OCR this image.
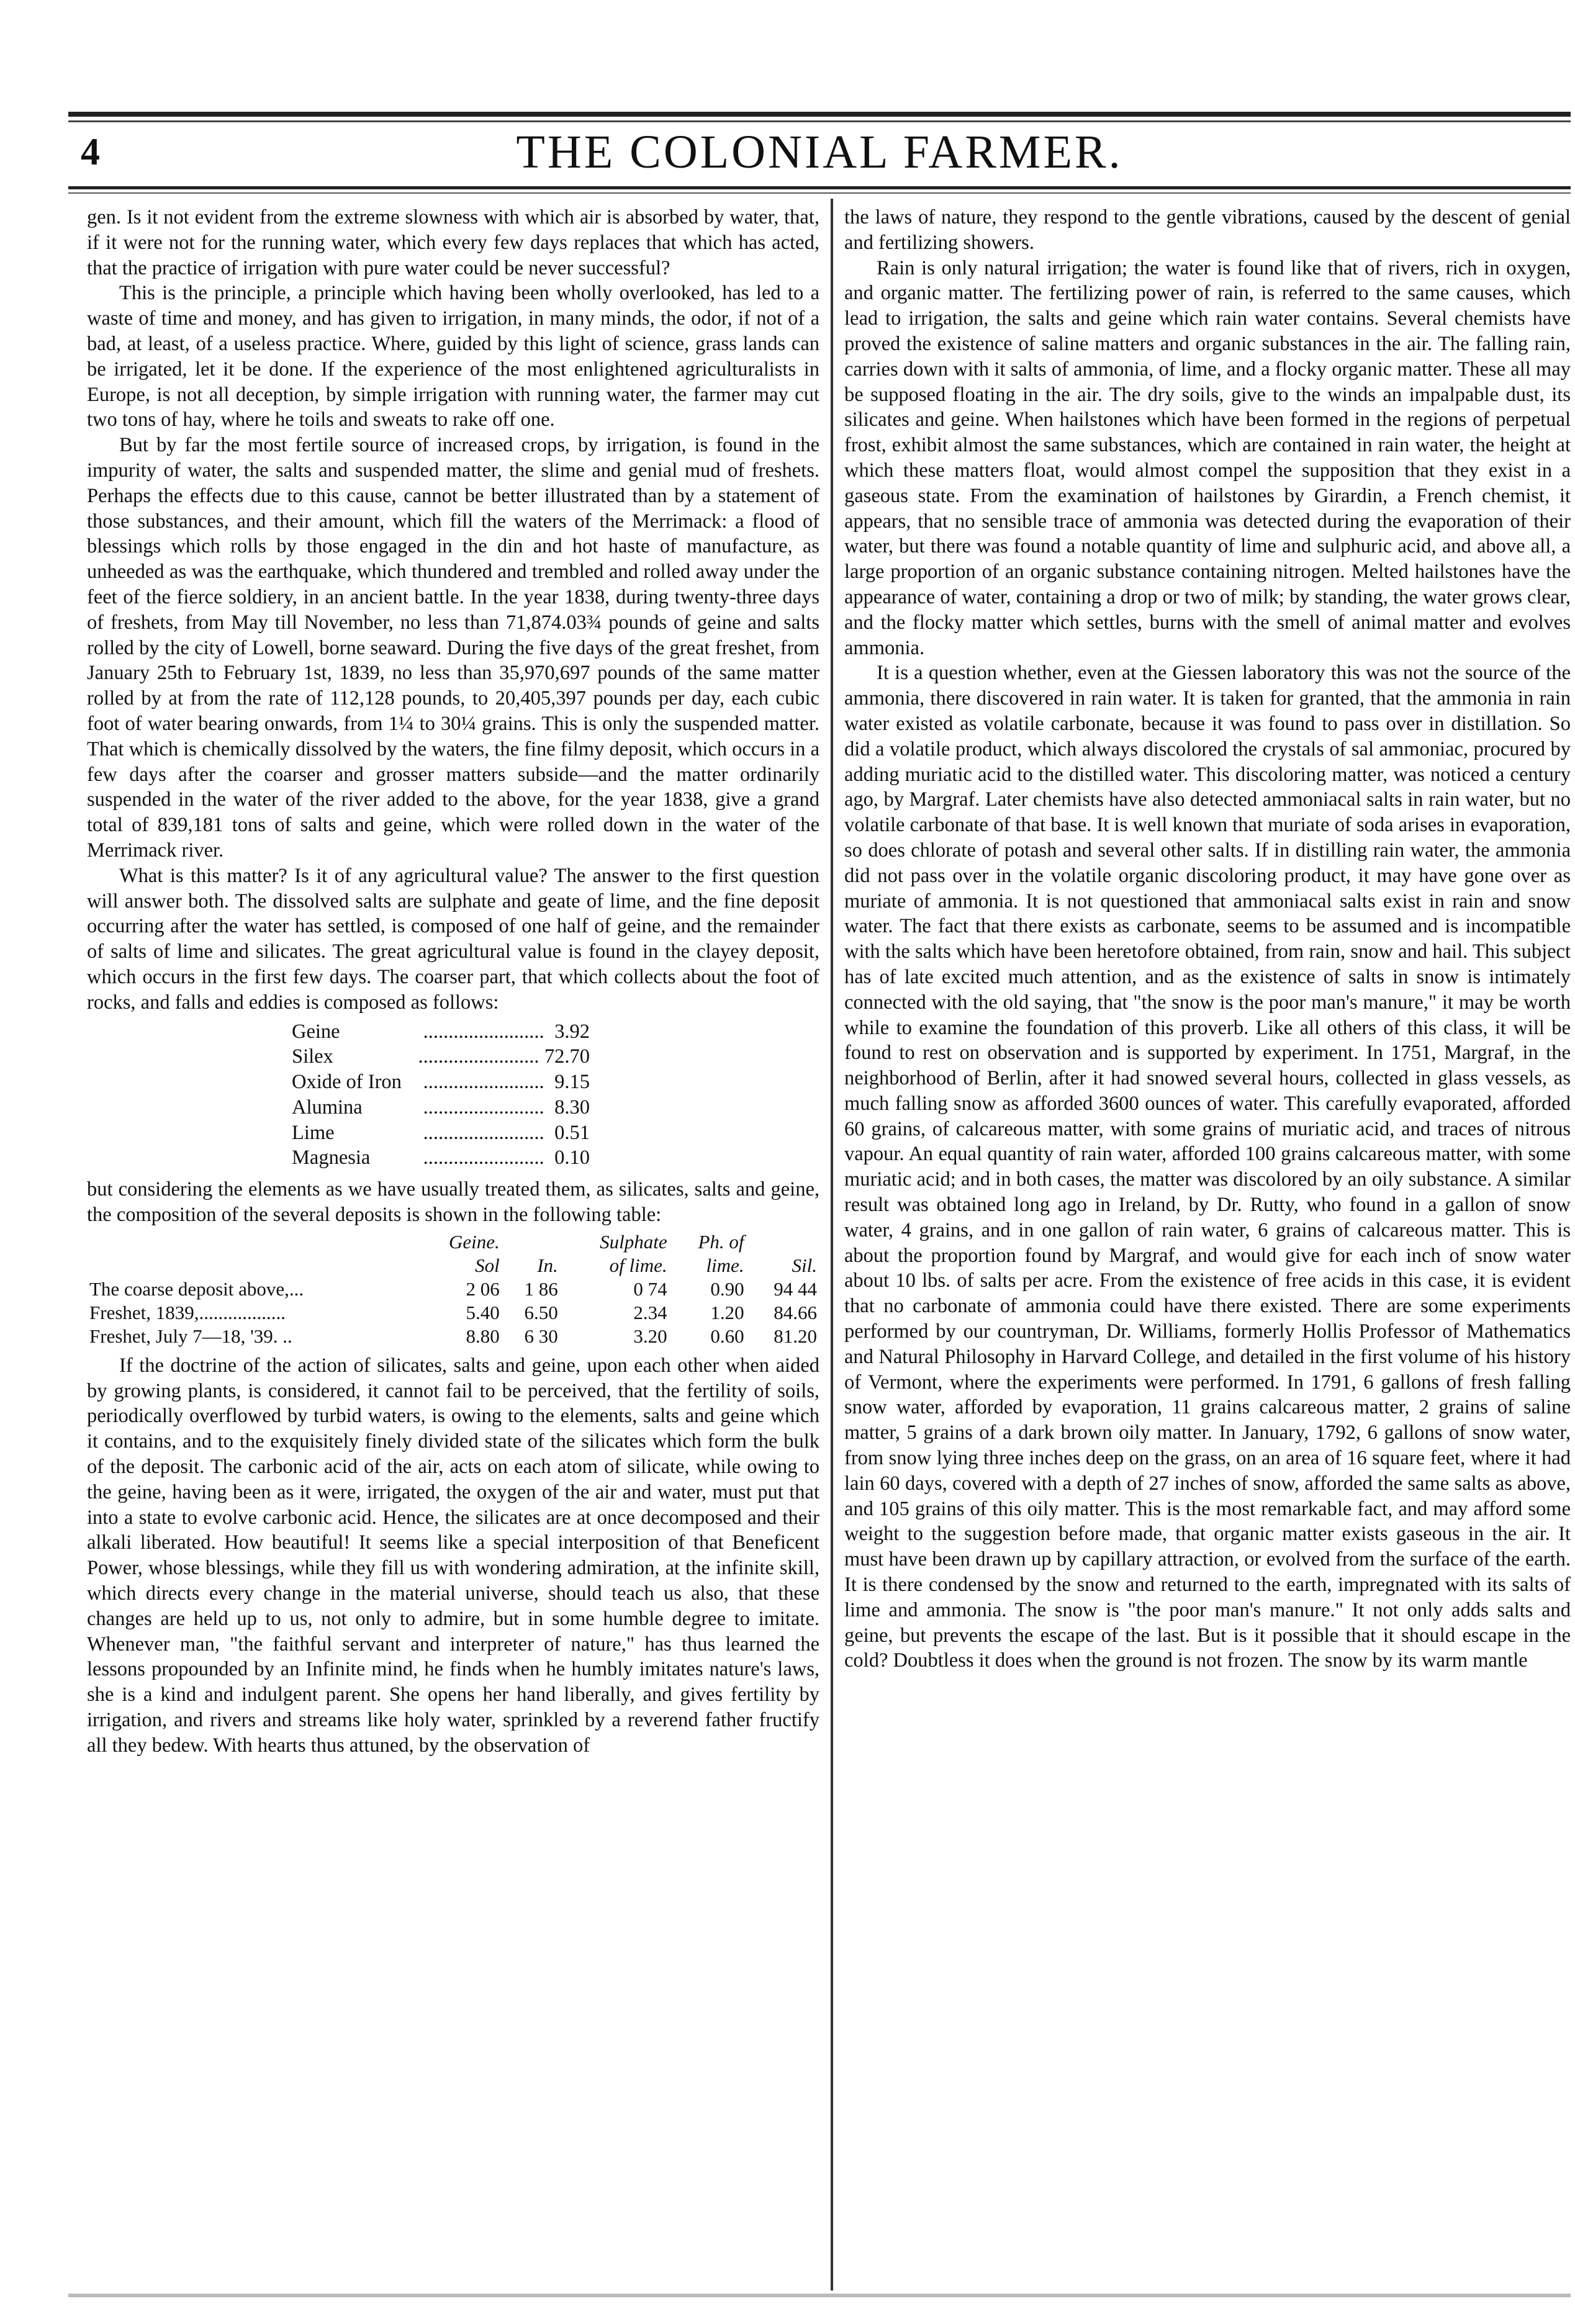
4	THE COLONIAL FARMER.

gen. Is it not evident from the extreme slowness with which air is absorbed by water, that, if it were not for the running water, which every few days replaces that which has acted, that the practice of irrigation with pure water could be never successful?

This is the principle, a principle which having been wholly overlooked, has led to a waste of time and money, and has given to irrigation, in many minds, the odor, if not of a bad, at least, of a useless practice. Where, guided by this light of science, grass lands can be irrigated, let it be done. If the experience of the most enlightened agriculturalists in Europe, is not all deception, by simple irrigation with running water, the farmer may cut two tons of hay, where he toils and sweats to rake off one.

But by far the most fertile source of increased crops, by irrigation, is found in the impurity of water, the salts and suspended matter, the slime and genial mud of freshets. Perhaps the effects due to this cause, cannot be better illustrated than by a statement of those substances, and their amount, which fill the waters of the Merrimack: a flood of blessings which rolls by those engaged in the din and hot haste of manufacture, as unheeded as was the earthquake, which thundered and trembled and rolled away under the feet of the fierce soldiery, in an ancient battle. In the year 1838, during twenty-three days of freshets, from May till November, no less than 71,874.03¾ pounds of geine and salts rolled by the city of Lowell, borne seaward. During the five days of the great freshet, from January 25th to February 1st, 1839, no less than 35,970,697 pounds of the same matter rolled by at from the rate of 112,128 pounds, to 20,405,397 pounds per day, each cubic foot of water bearing onwards, from 1¼ to 30¼ grains. This is only the suspended matter. That which is chemically dissolved by the waters, the fine filmy deposit, which occurs in a few days after the coarser and grosser matters subside—and the matter ordinarily suspended in the water of the river added to the above, for the year 1838, give a grand total of 839,181 tons of salts and geine, which were rolled down in the water of the Merrimack river.

What is this matter? Is it of any agricultural value? The answer to the first question will answer both. The dissolved salts are sulphate and geate of lime, and the fine deposit occurring after the water has settled, is composed of one half of geine, and the remainder of salts of lime and silicates. The great agricultural value is found in the clayey deposit, which occurs in the first few days. The coarser part, that which collects about the foot of rocks, and falls and eddies is composed as follows:

Geine	........................ 3.92
Silex	........................ 72.70
Oxide of Iron	........................ 9.15
Alumina	........................ 8.30
Lime	........................ 0.51
Magnesia	........................ 0.10

but considering the elements as we have usually treated them, as silicates, salts and geine, the composition of the several deposits is shown in the following table:

	Geine.		Sulphate	Ph. of	
	Sol	In.	of lime.	lime.	Sil.
The coarse deposit above,...	2 06	1 86	0 74	0.90	94 44
Freshet, 1839,..................	5.40	6.50	2.34	1.20	84.66
Freshet, July 7—18, '39. ..	8.80	6 30	3.20	0.60	81.20

If the doctrine of the action of silicates, salts and geine, upon each other when aided by growing plants, is considered, it cannot fail to be perceived, that the fertility of soils, periodically overflowed by turbid waters, is owing to the elements, salts and geine which it contains, and to the exquisitely finely divided state of the silicates which form the bulk of the deposit. The carbonic acid of the air, acts on each atom of silicate, while owing to the geine, having been as it were, irrigated, the oxygen of the air and water, must put that into a state to evolve carbonic acid. Hence, the silicates are at once decomposed and their alkali liberated. How beautiful! It seems like a special interposition of that Beneficent Power, whose blessings, while they fill us with wondering admiration, at the infinite skill, which directs every change in the material universe, should teach us also, that these changes are held up to us, not only to admire, but in some humble degree to imitate. Whenever man, "the faithful servant and interpreter of nature," has thus learned the lessons propounded by an Infinite mind, he finds when he humbly imitates nature's laws, she is a kind and indulgent parent. She opens her hand liberally, and gives fertility by irrigation, and rivers and streams like holy water, sprinkled by a reverend father fructify all they bedew. With hearts thus attuned, by the observation of

the laws of nature, they respond to the gentle vibrations, caused by the descent of genial and fertilizing showers.

Rain is only natural irrigation; the water is found like that of rivers, rich in oxygen, and organic matter. The fertilizing power of rain, is referred to the same causes, which lead to irrigation, the salts and geine which rain water contains. Several chemists have proved the existence of saline matters and organic substances in the air. The falling rain, carries down with it salts of ammonia, of lime, and a flocky organic matter. These all may be supposed floating in the air. The dry soils, give to the winds an impalpable dust, its silicates and geine. When hailstones which have been formed in the regions of perpetual frost, exhibit almost the same substances, which are contained in rain water, the height at which these matters float, would almost compel the supposition that they exist in a gaseous state. From the examination of hailstones by Girardin, a French chemist, it appears, that no sensible trace of ammonia was detected during the evaporation of their water, but there was found a notable quantity of lime and sulphuric acid, and above all, a large proportion of an organic substance containing nitrogen. Melted hailstones have the appearance of water, containing a drop or two of milk; by standing, the water grows clear, and the flocky matter which settles, burns with the smell of animal matter and evolves ammonia.

It is a question whether, even at the Giessen laboratory this was not the source of the ammonia, there discovered in rain water. It is taken for granted, that the ammonia in rain water existed as volatile carbonate, because it was found to pass over in distillation. So did a volatile product, which always discolored the crystals of sal ammoniac, procured by adding muriatic acid to the distilled water. This discoloring matter, was noticed a century ago, by Margraf. Later chemists have also detected ammoniacal salts in rain water, but no volatile carbonate of that base. It is well known that muriate of soda arises in evaporation, so does chlorate of potash and several other salts. If in distilling rain water, the ammonia did not pass over in the volatile organic discoloring product, it may have gone over as muriate of ammonia. It is not questioned that ammoniacal salts exist in rain and snow water. The fact that there exists as carbonate, seems to be assumed and is incompatible with the salts which have been heretofore obtained, from rain, snow and hail. This subject has of late excited much attention, and as the existence of salts in snow is intimately connected with the old saying, that "the snow is the poor man's manure," it may be worth while to examine the foundation of this proverb. Like all others of this class, it will be found to rest on observation and is supported by experiment. In 1751, Margraf, in the neighborhood of Berlin, after it had snowed several hours, collected in glass vessels, as much falling snow as afforded 3600 ounces of water. This carefully evaporated, afforded 60 grains, of calcareous matter, with some grains of muriatic acid, and traces of nitrous vapour. An equal quantity of rain water, afforded 100 grains calcareous matter, with some muriatic acid; and in both cases, the matter was discolored by an oily substance. A similar result was obtained long ago in Ireland, by Dr. Rutty, who found in a gallon of snow water, 4 grains, and in one gallon of rain water, 6 grains of calcareous matter. This is about the proportion found by Margraf, and would give for each inch of snow water about 10 lbs. of salts per acre. From the existence of free acids in this case, it is evident that no carbonate of ammonia could have there existed. There are some experiments performed by our countryman, Dr. Williams, formerly Hollis Professor of Mathematics and Natural Philosophy in Harvard College, and detailed in the first volume of his history of Vermont, where the experiments were performed. In 1791, 6 gallons of fresh falling snow water, afforded by evaporation, 11 grains calcareous matter, 2 grains of saline matter, 5 grains of a dark brown oily matter. In January, 1792, 6 gallons of snow water, from snow lying three inches deep on the grass, on an area of 16 square feet, where it had lain 60 days, covered with a depth of 27 inches of snow, afforded the same salts as above, and 105 grains of this oily matter. This is the most remarkable fact, and may afford some weight to the suggestion before made, that organic matter exists gaseous in the air. It must have been drawn up by capillary attraction, or evolved from the surface of the earth. It is there condensed by the snow and returned to the earth, impregnated with its salts of lime and ammonia. The snow is "the poor man's manure." It not only adds salts and geine, but prevents the escape of the last. But is it possible that it should escape in the cold? Doubtless it does when the ground is not frozen. The snow by its warm mantle
